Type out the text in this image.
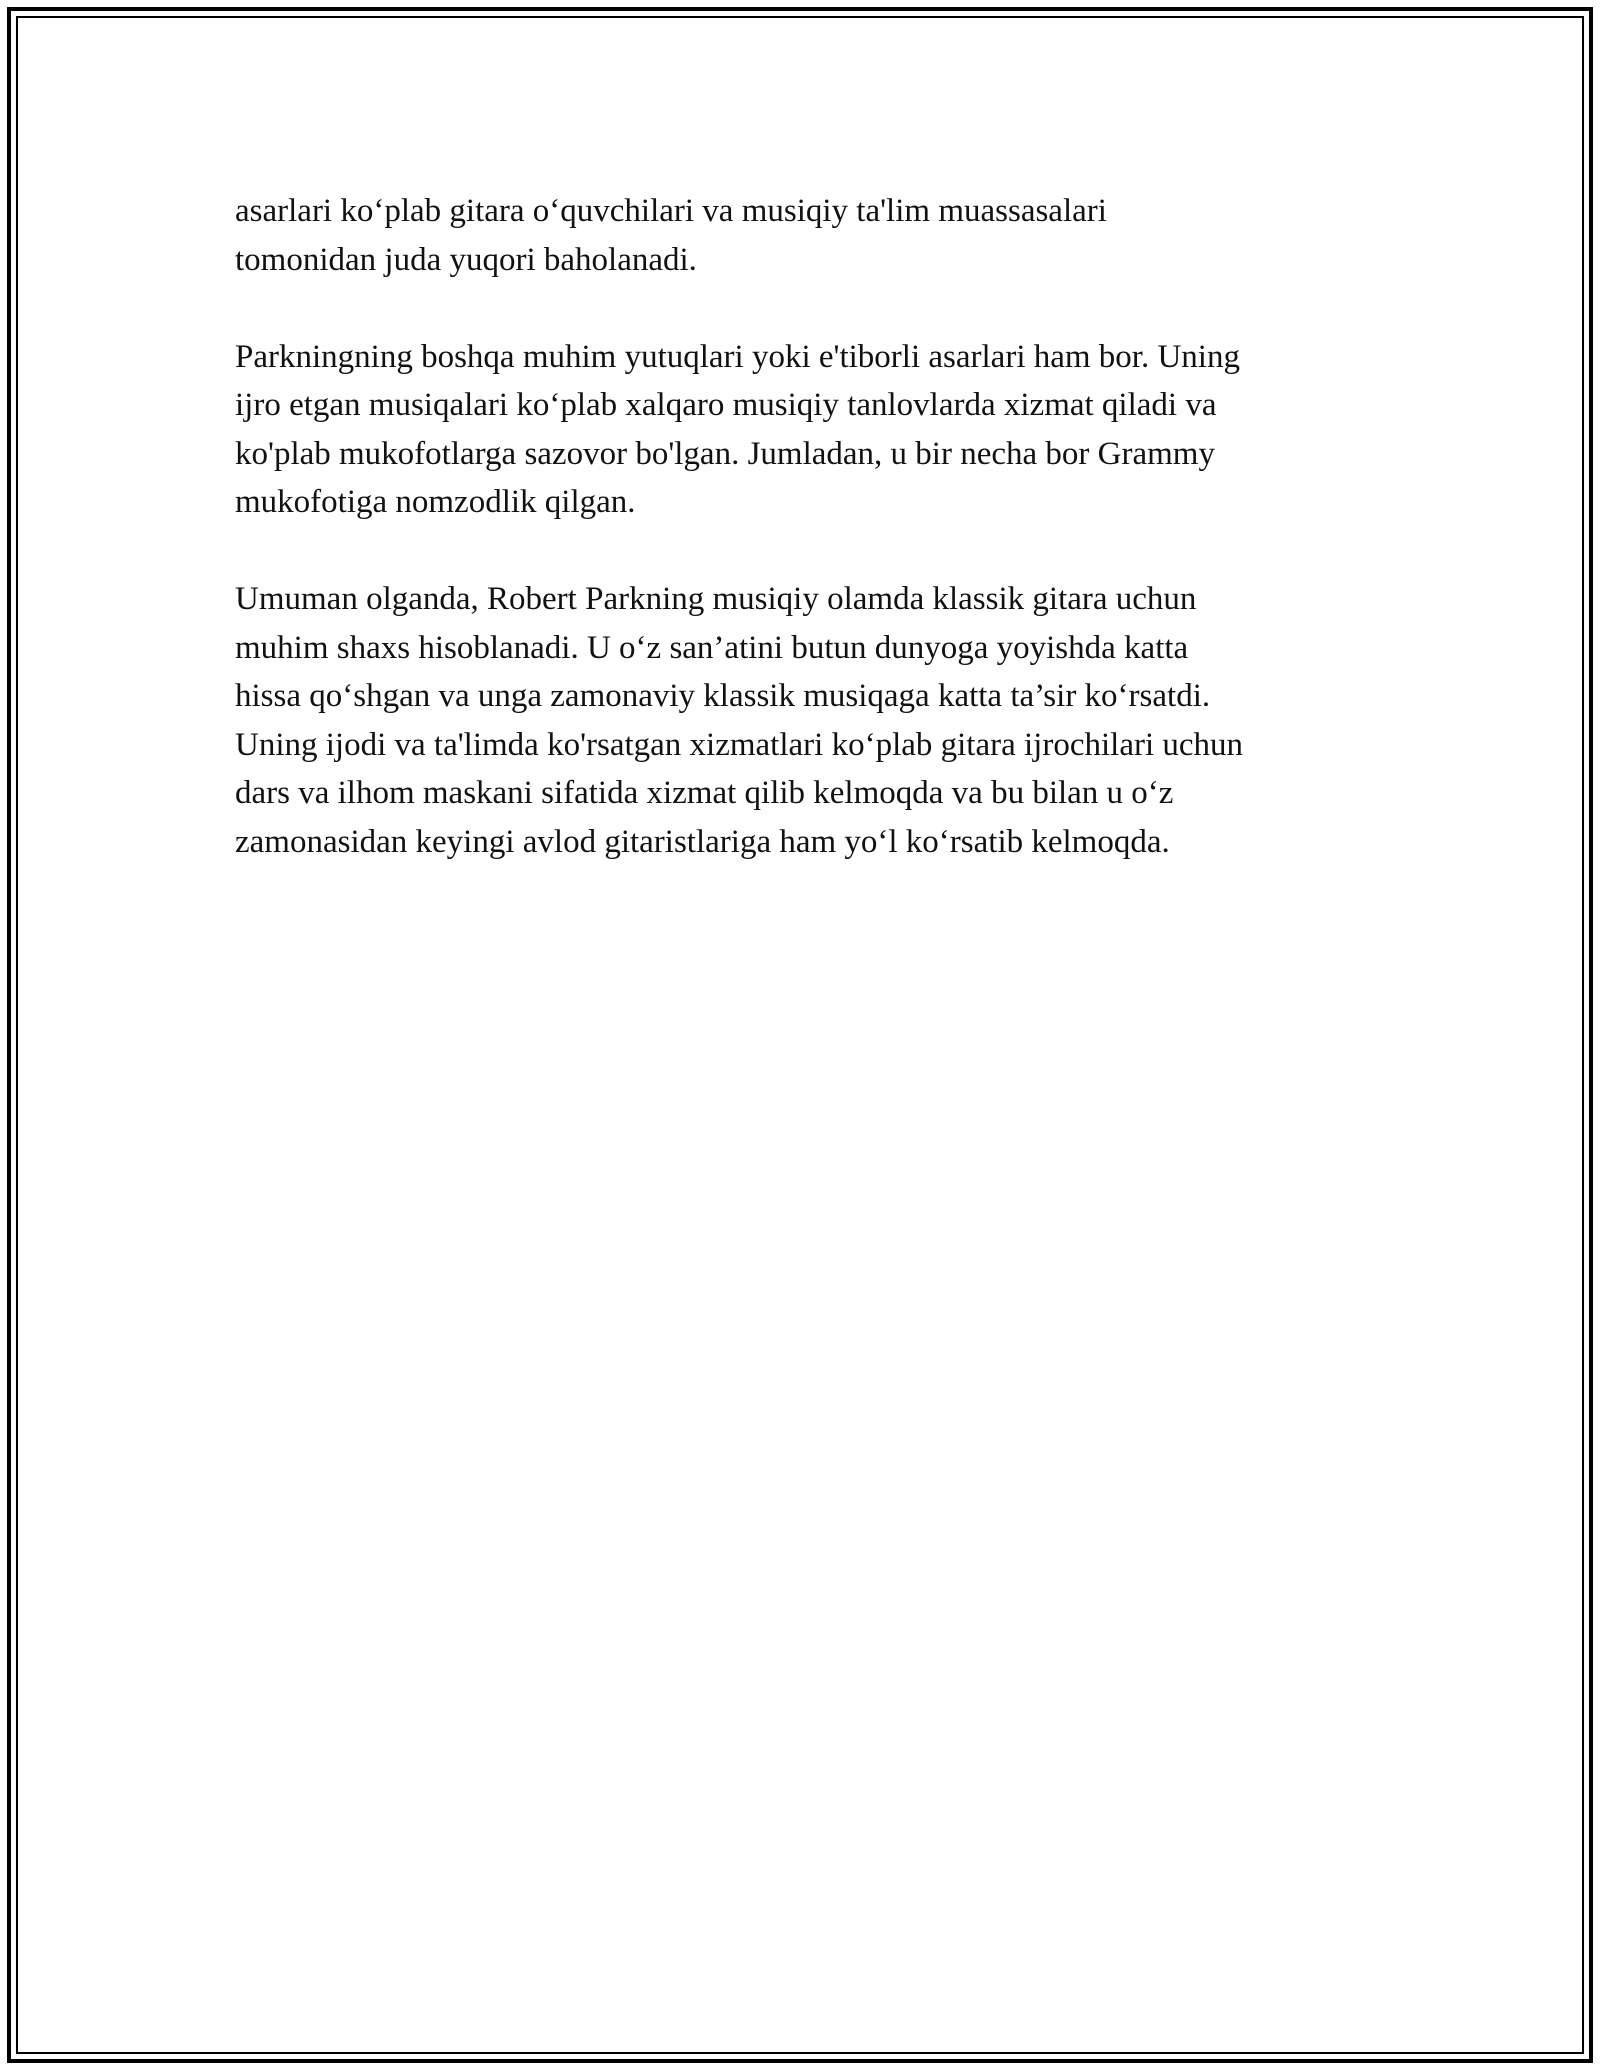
asarlari ko‘plab gitara o‘quvchilari va musiqiy ta'lim muassasalari
tomonidan juda yuqori baholanadi.

Parkningning boshqa muhim yutuqlari yoki e'tiborli asarlari ham bor. Uning
ijro etgan musiqalari ko‘plab xalqaro musiqiy tanlovlarda xizmat qiladi va
ko'plab mukofotlarga sazovor bo'lgan. Jumladan, u bir necha bor Grammy
mukofotiga nomzodlik qilgan.

Umuman olganda, Robert Parkning musiqiy olamda klassik gitara uchun
muhim shaxs hisoblanadi. U o‘z san’atini butun dunyoga yoyishda katta
hissa qo‘shgan va unga zamonaviy klassik musiqaga katta ta’sir ko‘rsatdi.
Uning ijodi va ta'limda ko'rsatgan xizmatlari ko‘plab gitara ijrochilari uchun
dars va ilhom maskani sifatida xizmat qilib kelmoqda va bu bilan u o‘z
zamonasidan keyingi avlod gitaristlariga ham yo‘l ko‘rsatib kelmoqda.
